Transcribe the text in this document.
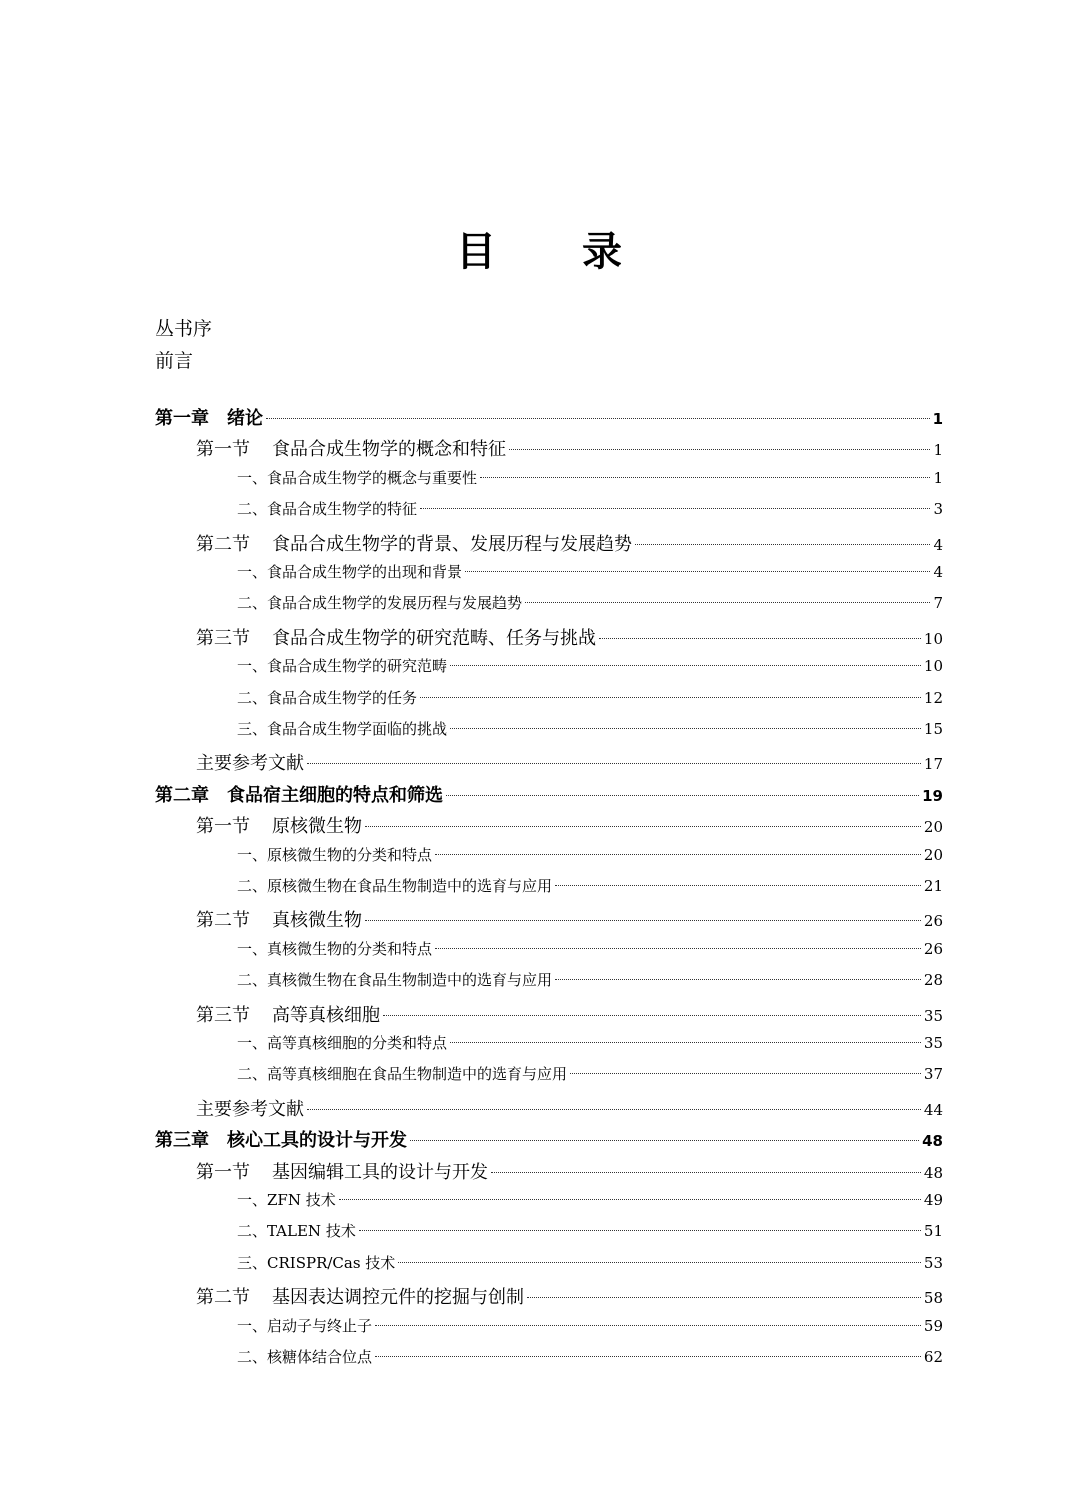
目 录
丛书序
前言
第一章 绪论	1
第一节 食品合成生物学的概念和特征	1
一、食品合成生物学的概念与重要性	1
二、食品合成生物学的特征	3
第二节 食品合成生物学的背景、发展历程与发展趋势	4
一、食品合成生物学的出现和背景	4
二、食品合成生物学的发展历程与发展趋势	7
第三节 食品合成生物学的研究范畴、任务与挑战	10
一、食品合成生物学的研究范畴	10
二、食品合成生物学的任务	12
三、食品合成生物学面临的挑战	15
主要参考文献	17
第二章 食品宿主细胞的特点和筛选	19
第一节 原核微生物	20
一、原核微生物的分类和特点	20
二、原核微生物在食品生物制造中的选育与应用	21
第二节 真核微生物	26
一、真核微生物的分类和特点	26
二、真核微生物在食品生物制造中的选育与应用	28
第三节 高等真核细胞	35
一、高等真核细胞的分类和特点	35
二、高等真核细胞在食品生物制造中的选育与应用	37
主要参考文献	44
第三章 核心工具的设计与开发	48
第一节 基因编辑工具的设计与开发	48
一、ZFN 技术	49
二、TALEN 技术	51
三、CRISPR/Cas 技术	53
第二节 基因表达调控元件的挖掘与创制	58
一、启动子与终止子	59
二、核糖体结合位点	62
